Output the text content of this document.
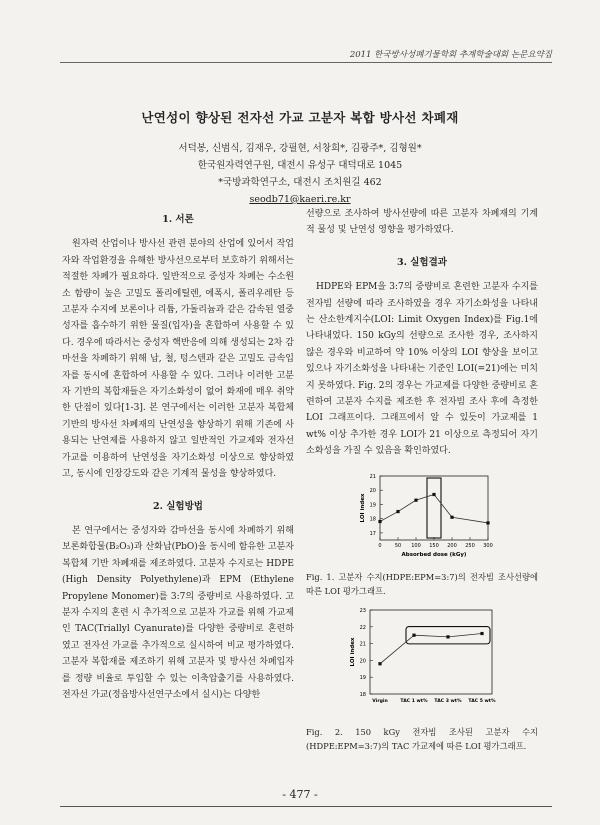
2011 한국방사성폐기물학회 추계학술대회 논문요약집
난연성이 향상된 전자선 가교 고분자 복합 방사선 차폐재
서덕봉, 신범식, 김재우, 강필현, 서창희*, 김광주*, 김형원*
한국원자력연구원, 대전시 유성구 대덕대로 1045
*국방과학연구소, 대전시 조치원길 462
seodb71@kaeri.re.kr
1. 서론

원자력 산업이나 방사선 관련 분야의 산업에 있어서 작업자와 작업환경을 유해한 방사선으로부터 보호하기 위해서는 적절한 차폐가 필요하다. 일반적으로 중성자 차폐는 수소원소 함량이 높은 고밀도 폴리에틸렌, 에폭시, 폴리우레탄 등 고분자 수지에 보론이나 리튬, 가돌리늄과 같은 감속된 열중성자를 흡수하기 위한 물질(입자)을 혼합하여 사용할 수 있다. 경우에 따라서는 중성자 핵반응에 의해 생성되는 2차 감마선을 차폐하기 위해 납, 철, 텅스텐과 같은 고밀도 금속입자를 동시에 혼합하여 사용할 수 있다. 그러나 이러한 고분자 기반의 복합재들은 자기소화성이 없어 화재에 매우 취약한 단점이 있다[1-3]. 본 연구에서는 이러한 고분자 복합체 기반의 방사선 차폐재의 난연성을 향상하기 위해 기존에 사용되는 난연제를 사용하지 않고 일반적인 가교제와 전자선 가교를 이용하여 난연성을 자기소화성 이상으로 향상하였고, 동시에 인장강도와 같은 기계적 물성을 향상하였다.

2. 실험방법

본 연구에서는 중성자와 감마선을 동시에 차폐하기 위해 보론화합물(B₂O₃)과 산화납(PbO)을 동시에 함유한 고분자 복합체 기반 차폐재를 제조하였다. 고분자 수지로는 HDPE (High Density Polyethylene)과 EPM (Ethylene Propylene Monomer)를 3:7의 중량비로 사용하였다. 고분자 수지의 혼련 시 추가적으로 고분자 가교를 위해 가교제인 TAC(Triallyl Cyanurate)를 다양한 중량비로 혼련하였고 전자선 가교를 추가적으로 실시하여 비교 평가하였다. 고분자 복합재를 제조하기 위해 고분자 및 방사선 차폐입자를 정량 비율로 투입할 수 있는 이축압출기를 사용하였다. 전자선 가교(정읍방사선연구소에서 실시)는 다양한

선량으로 조사하여 방사선량에 따른 고분자 차폐재의 기계적 물성 및 난연성 영향을 평가하였다.

3. 실험결과

HDPE와 EPM을 3:7의 중량비로 혼련한 고분자 수지를 전자빔 선량에 따라 조사하였을 경우 자기소화성을 나타내는 산소한계지수(LOI: Limit Oxygen Index)를 Fig.1에 나타내었다. 150 kGy의 선량으로 조사한 경우, 조사하지 않은 경우와 비교하여 약 10% 이상의 LOI 향상을 보이고 있으나 자기소화성을 나타내는 기준인 LOI(=21)에는 미치지 못하였다. Fig. 2의 경우는 가교제를 다양한 중량비로 혼련하여 고분자 수지를 제조한 후 전자빔 조사 후에 측정한 LOI 그래프이다. 그래프에서 알 수 있듯이 가교제를 1 wt% 이상 추가한 경우 LOI가 21 이상으로 측정되어 자기 소화성을 가질 수 있음을 확인하였다.

17
18
19
20
21
0	50 100 150 200 250 300
Absorbed dose (kGy)
LOI index
Fig. 1. 고분자 수지(HDPE:EPM=3:7)의 전자빔 조사선량에 따른 LOI 평가그래프.
18
19
20
21
22
23
Virgin	TAC 1 wt% TAC 3 wt% TAC 5 wt%
LOI index
Fig. 2. 150 kGy 전자빔 조사된 고분자 수지(HDPE:EPM=3:7)의 TAC 가교제에 따른 LOI 평가그래프.
- 477 -
